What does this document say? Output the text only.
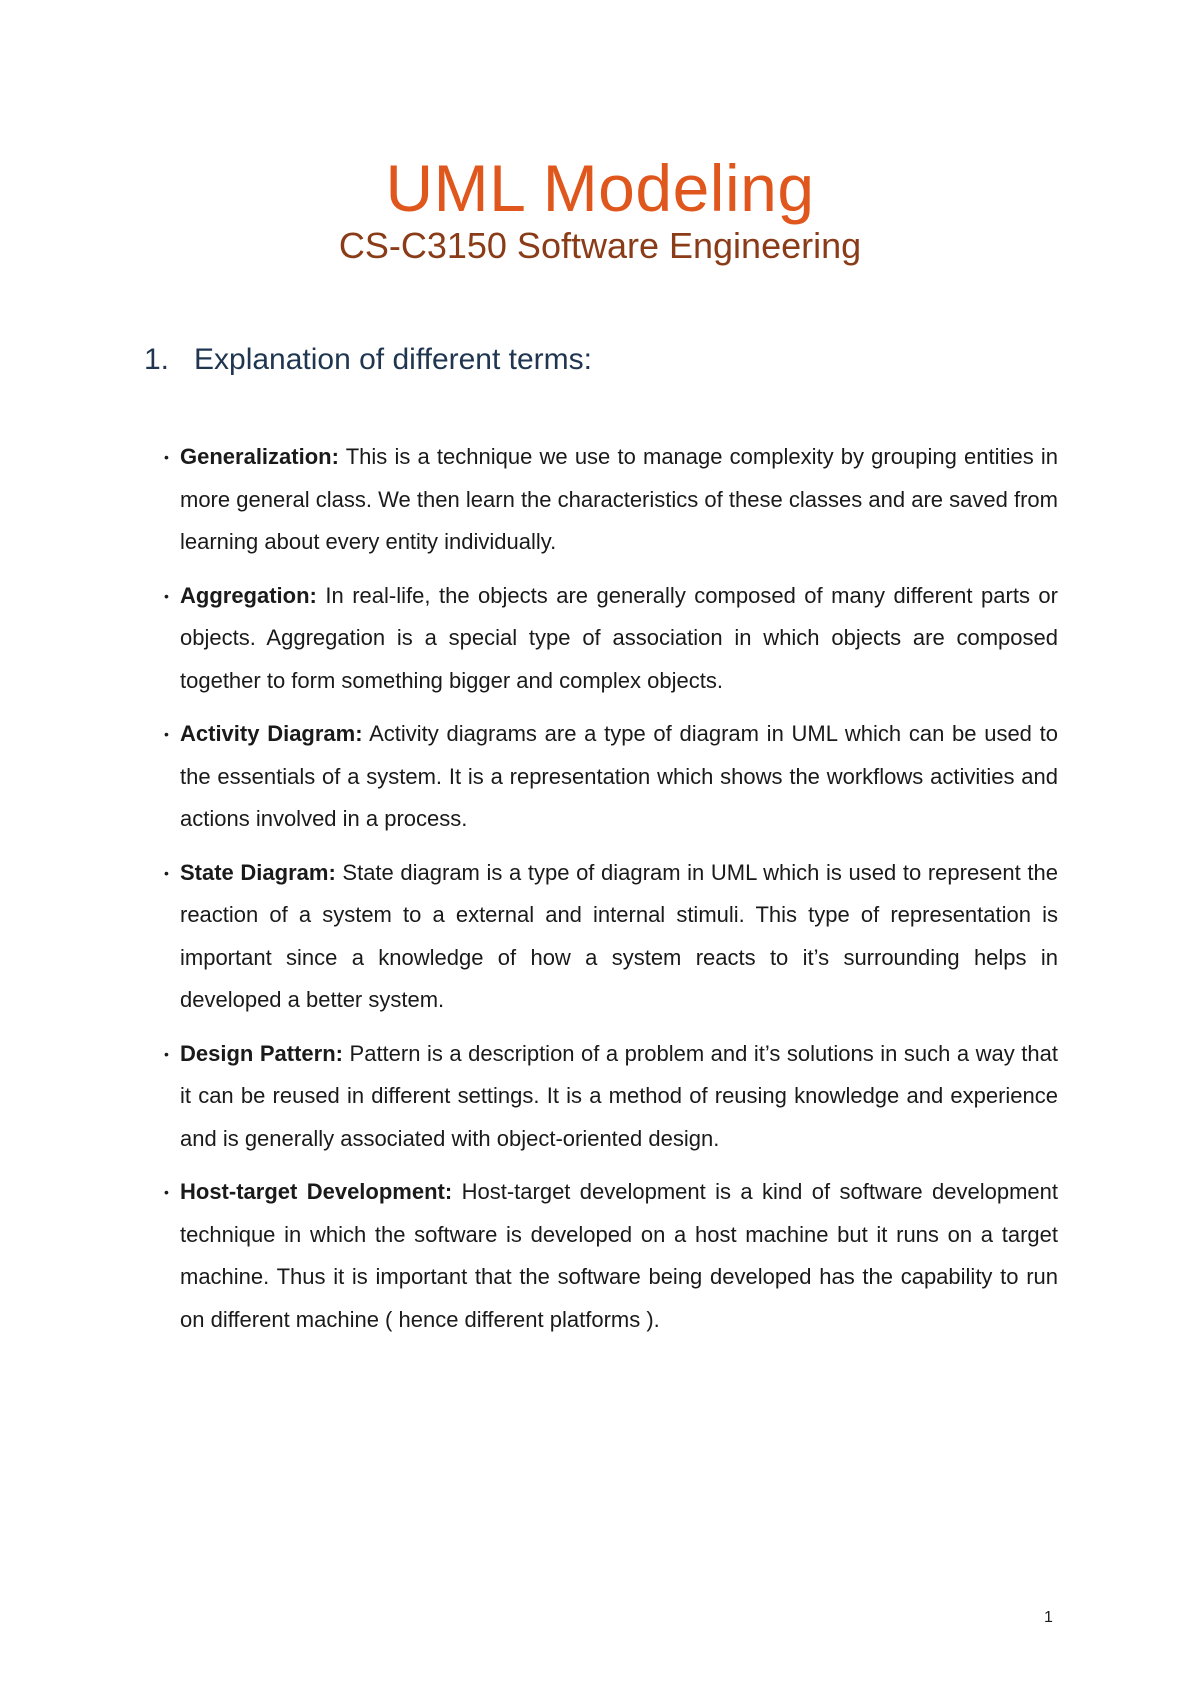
UML Modeling
CS-C3150 Software Engineering
1. Explanation of different terms:
• Generalization: This is a technique we use to manage complexity by grouping entities in more general class. We then learn the characteristics of these classes and are saved from learning about every entity individually.
• Aggregation: In real-life, the objects are generally composed of many different parts or objects. Aggregation is a special type of association in which objects are composed together to form something bigger and complex objects.
• Activity Diagram: Activity diagrams are a type of diagram in UML which can be used to the essentials of a system. It is a representation which shows the workflows activities and actions involved in a process.
• State Diagram: State diagram is a type of diagram in UML which is used to represent the reaction of a system to a external and internal stimuli. This type of representation is important since a knowledge of how a system reacts to it’s surrounding helps in developed a better system.
• Design Pattern: Pattern is a description of a problem and it’s solutions in such a way that it can be reused in different settings. It is a method of reusing knowledge and experience and is generally associated with object-oriented design.
• Host-target Development: Host-target development is a kind of software development technique in which the software is developed on a host machine but it runs on a target machine. Thus it is important that the software being developed has the capability to run on different machine ( hence different platforms ).
1
